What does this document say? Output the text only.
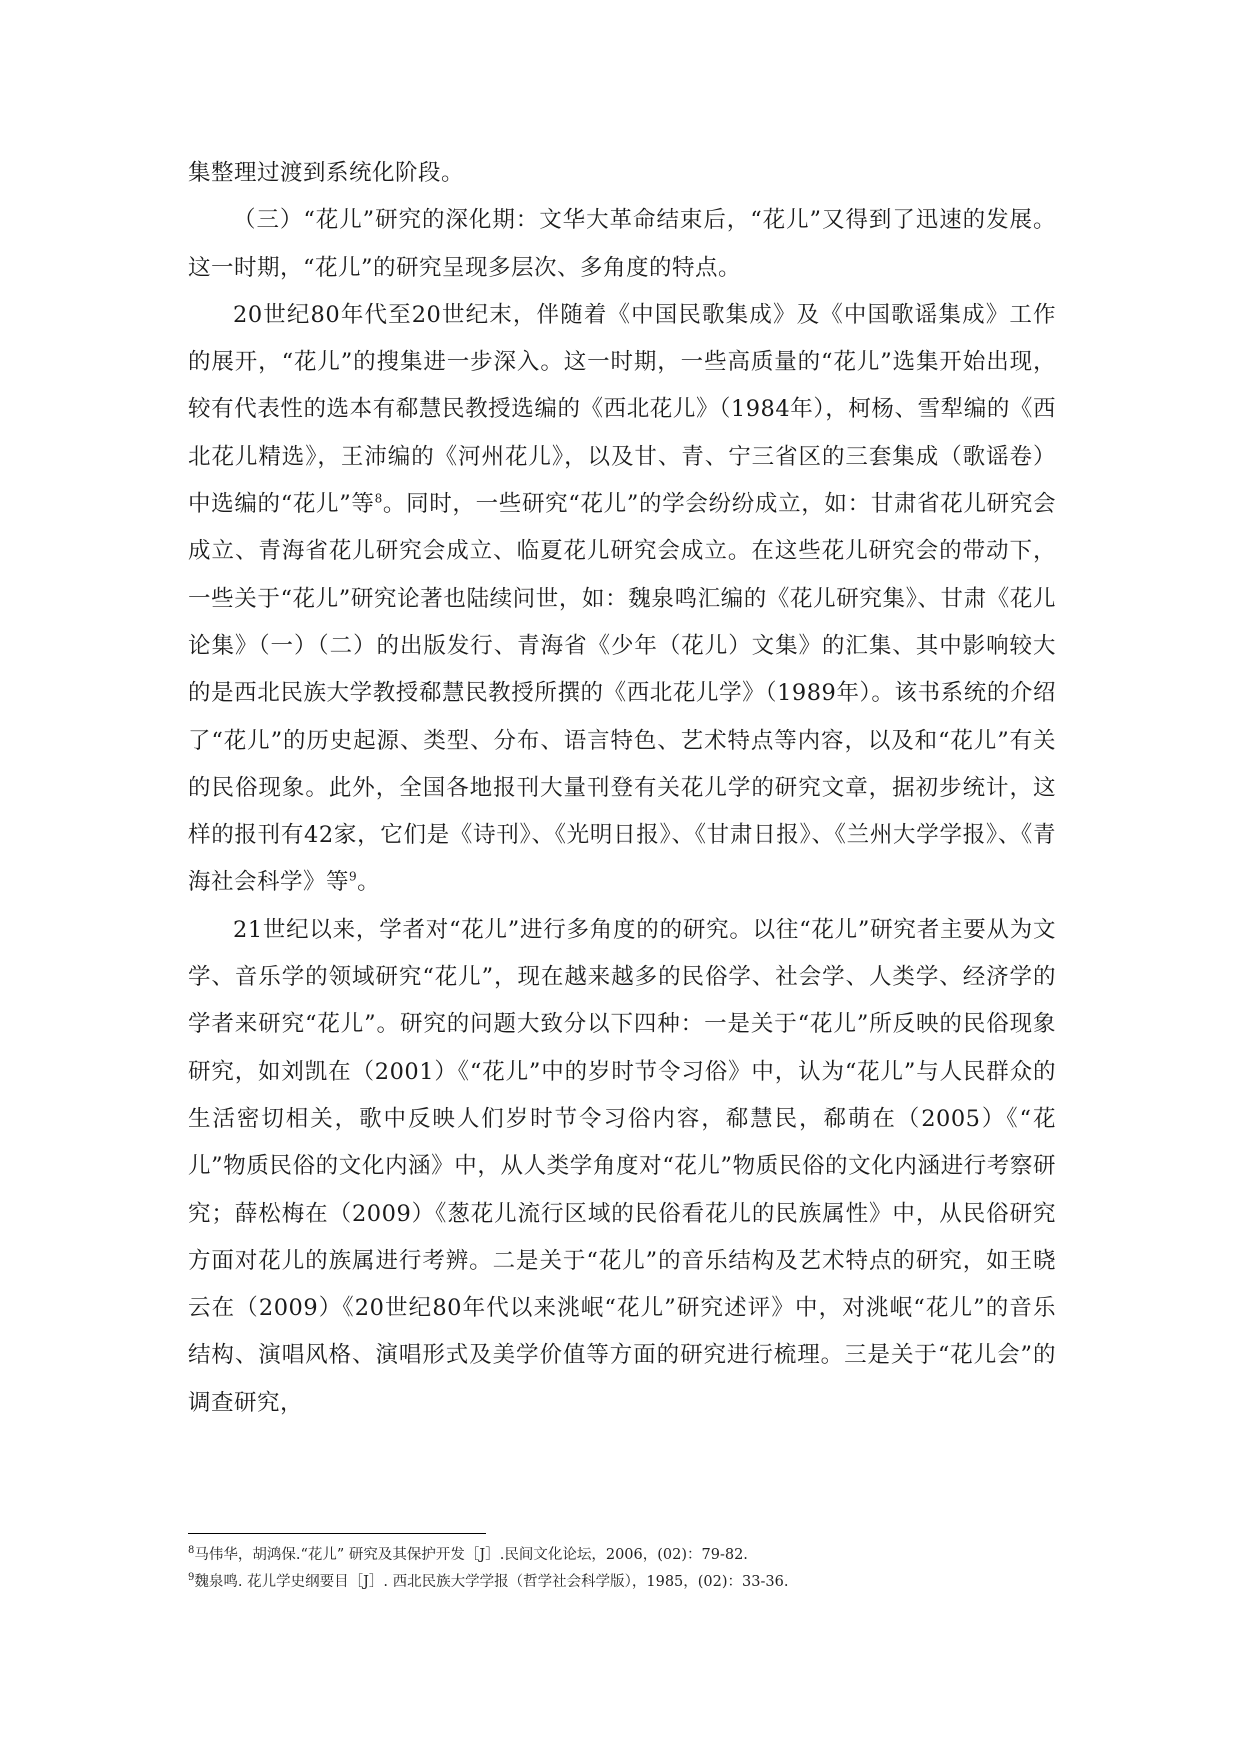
集整理过渡到系统化阶段。

（三）“花儿”研究的深化期：文华大革命结束后，“花儿”又得到了迅速的发展。这一时期，“花儿”的研究呈现多层次、多角度的特点。

20世纪80年代至20世纪末，伴随着《中国民歌集成》及《中国歌谣集成》工作的展开，“花儿”的搜集进一步深入。这一时期，一些高质量的“花儿”选集开始出现，较有代表性的选本有郗慧民教授选编的《西北花儿》（1984年），柯杨、雪犁编的《西北花儿精选》，王沛编的《河州花儿》，以及甘、青、宁三省区的三套集成（歌谣卷）中选编的“花儿”等$^8$。同时，一些研究“花儿”的学会纷纷成立，如：甘肃省花儿研究会成立、青海省花儿研究会成立、临夏花儿研究会成立。在这些花儿研究会的带动下，一些关于“花儿”研究论著也陆续问世，如：魏泉鸣汇编的《花儿研究集》、甘肃《花儿论集》（一）（二）的出版发行、青海省《少年（花儿）文集》的汇集、其中影响较大的是西北民族大学教授郗慧民教授所撰的《西北花儿学》（1989年）。该书系统的介绍了“花儿”的历史起源、类型、分布、语言特色、艺术特点等内容，以及和“花儿”有关的民俗现象。此外，全国各地报刊大量刊登有关花儿学的研究文章，据初步统计，这样的报刊有42家，它们是《诗刊》、《光明日报》、《甘肃日报》、《兰州大学学报》、《青海社会科学》等$^9$。

21世纪以来，学者对“花儿”进行多角度的的研究。以往“花儿”研究者主要从为文学、音乐学的领域研究“花儿”，现在越来越多的民俗学、社会学、人类学、经济学的学者来研究“花儿”。研究的问题大致分以下四种：一是关于“花儿”所反映的民俗现象研究，如刘凯在（2001）《“花儿”中的岁时节令习俗》中，认为“花儿”与人民群众的生活密切相关，歌中反映人们岁时节令习俗内容，郗慧民，郗萌在（2005）《“花儿”物质民俗的文化内涵》中，从人类学角度对“花儿”物质民俗的文化内涵进行考察研究；薛松梅在（2009）《葱花儿流行区域的民俗看花儿的民族属性》中，从民俗研究方面对花儿的族属进行考辨。二是关于“花儿”的音乐结构及艺术特点的研究，如王晓云在（2009）《20世纪80年代以来洮岷“花儿”研究述评》中，对洮岷“花儿”的音乐结构、演唱风格、演唱形式及美学价值等方面的研究进行梳理。三是关于“花儿会”的调查研究，

$^8$马伟华，胡鸿保.“花儿” 研究及其保护开发［J］.民间文化论坛，2006，(02)：79-82.

$^9$魏泉鸣. 花儿学史纲要目［J］. 西北民族大学学报（哲学社会科学版），1985，(02)：33-36.
